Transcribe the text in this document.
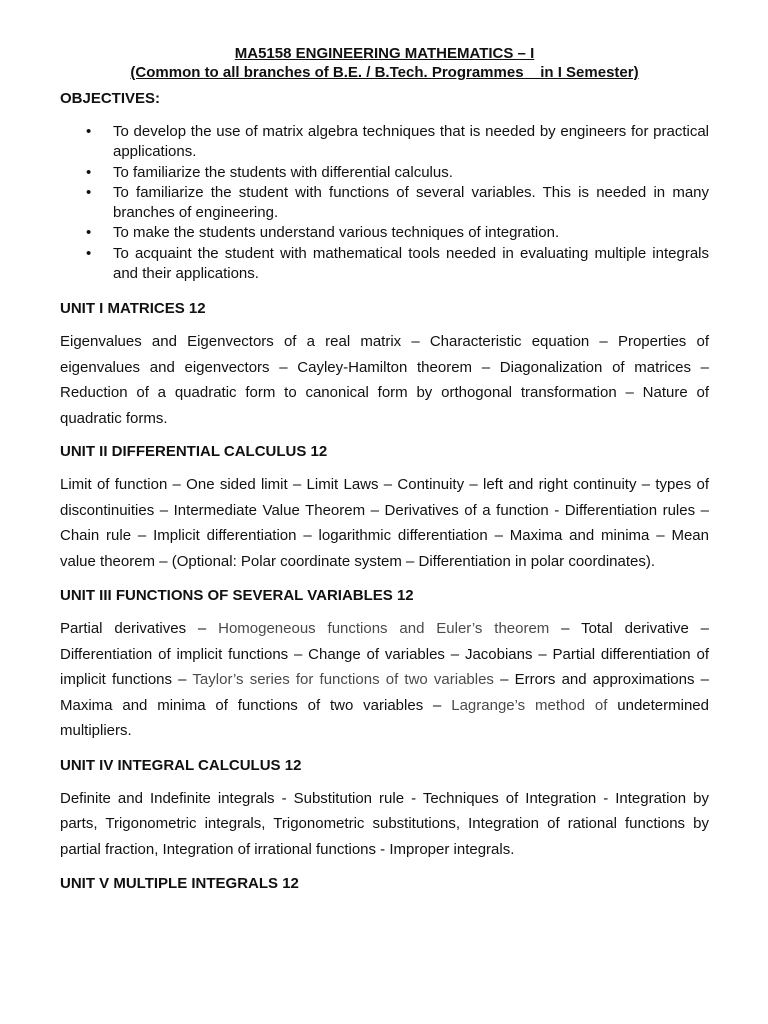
MA5158 ENGINEERING MATHEMATICS – I

(Common to all branches of B.E. / B.Tech. Programmes    in I Semester)

OBJECTIVES:

• To develop the use of matrix algebra techniques that is needed by engineers for practical applications.
• To familiarize the students with differential calculus.
• To familiarize the student with functions of several variables. This is needed in many branches of engineering.
• To make the students understand various techniques of integration.
• To acquaint the student with mathematical tools needed in evaluating multiple integrals and their applications.

UNIT I MATRICES 12

Eigenvalues and Eigenvectors of a real matrix – Characteristic equation – Properties of eigenvalues and eigenvectors – Cayley-Hamilton theorem – Diagonalization of matrices – Reduction of a quadratic form to canonical form by orthogonal transformation – Nature of quadratic forms.

UNIT II DIFFERENTIAL CALCULUS 12

Limit of function – One sided limit – Limit Laws – Continuity – left and right continuity – types of discontinuities – Intermediate Value Theorem – Derivatives of a function - Differentiation rules – Chain rule – Implicit differentiation – logarithmic differentiation – Maxima and minima – Mean value theorem – (Optional: Polar coordinate system – Differentiation in polar coordinates).

UNIT III FUNCTIONS OF SEVERAL VARIABLES 12

Partial derivatives – Homogeneous functions and Euler’s theorem – Total derivative – Differentiation of implicit functions – Change of variables – Jacobians – Partial differentiation of implicit functions – Taylor’s series for functions of two variables – Errors and approximations – Maxima and minima of functions of two variables – Lagrange’s method of undetermined multipliers.

UNIT IV INTEGRAL CALCULUS 12

Definite and Indefinite integrals - Substitution rule - Techniques of Integration - Integration by parts, Trigonometric integrals, Trigonometric substitutions, Integration of rational functions by partial fraction, Integration of irrational functions - Improper integrals.

UNIT V MULTIPLE INTEGRALS 12
